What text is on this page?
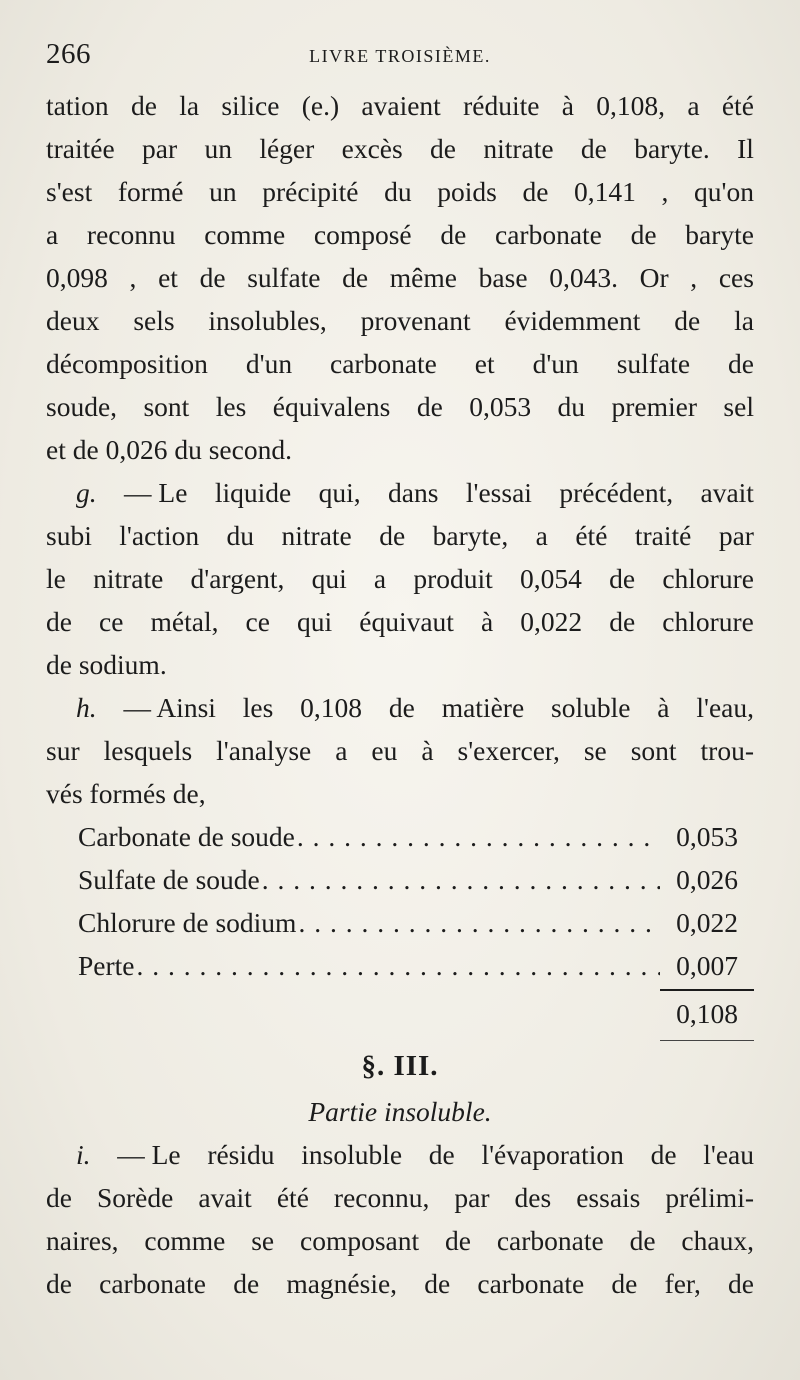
266	LIVRE TROISIÈME.
tation de la silice (e.) avaient réduite à 0,108, a été
traitée par un léger excès de nitrate de baryte. Il
s'est formé un précipité du poids de 0,141 , qu'on
a reconnu comme composé de carbonate de baryte
0,098 , et de sulfate de même base 0,043. Or , ces
deux sels insolubles, provenant évidemment de la
décomposition d'un carbonate et d'un sulfate de
soude, sont les équivalens de 0,053 du premier sel
et de 0,026 du second.
g. — Le liquide qui, dans l'essai précédent, avait
subi l'action du nitrate de baryte, a été traité par
le nitrate d'argent, qui a produit 0,054 de chlorure
de ce métal, ce qui équivaut à 0,022 de chlorure
de sodium.
h. — Ainsi les 0,108 de matière soluble à l'eau,
sur lesquels l'analyse a eu à s'exercer, se sont trou-
vés formés de,
Carbonate de soude . . .	0,053
Sulfate de soude . . .	0,026
Chlorure de sodium . . .	0,022
Perte . . .	0,007
0,108
§. III.
Partie insoluble.
i. — Le résidu insoluble de l'évaporation de l'eau
de Sorède avait été reconnu, par des essais prélimi-
naires, comme se composant de carbonate de chaux,
de carbonate de magnésie, de carbonate de fer, de
